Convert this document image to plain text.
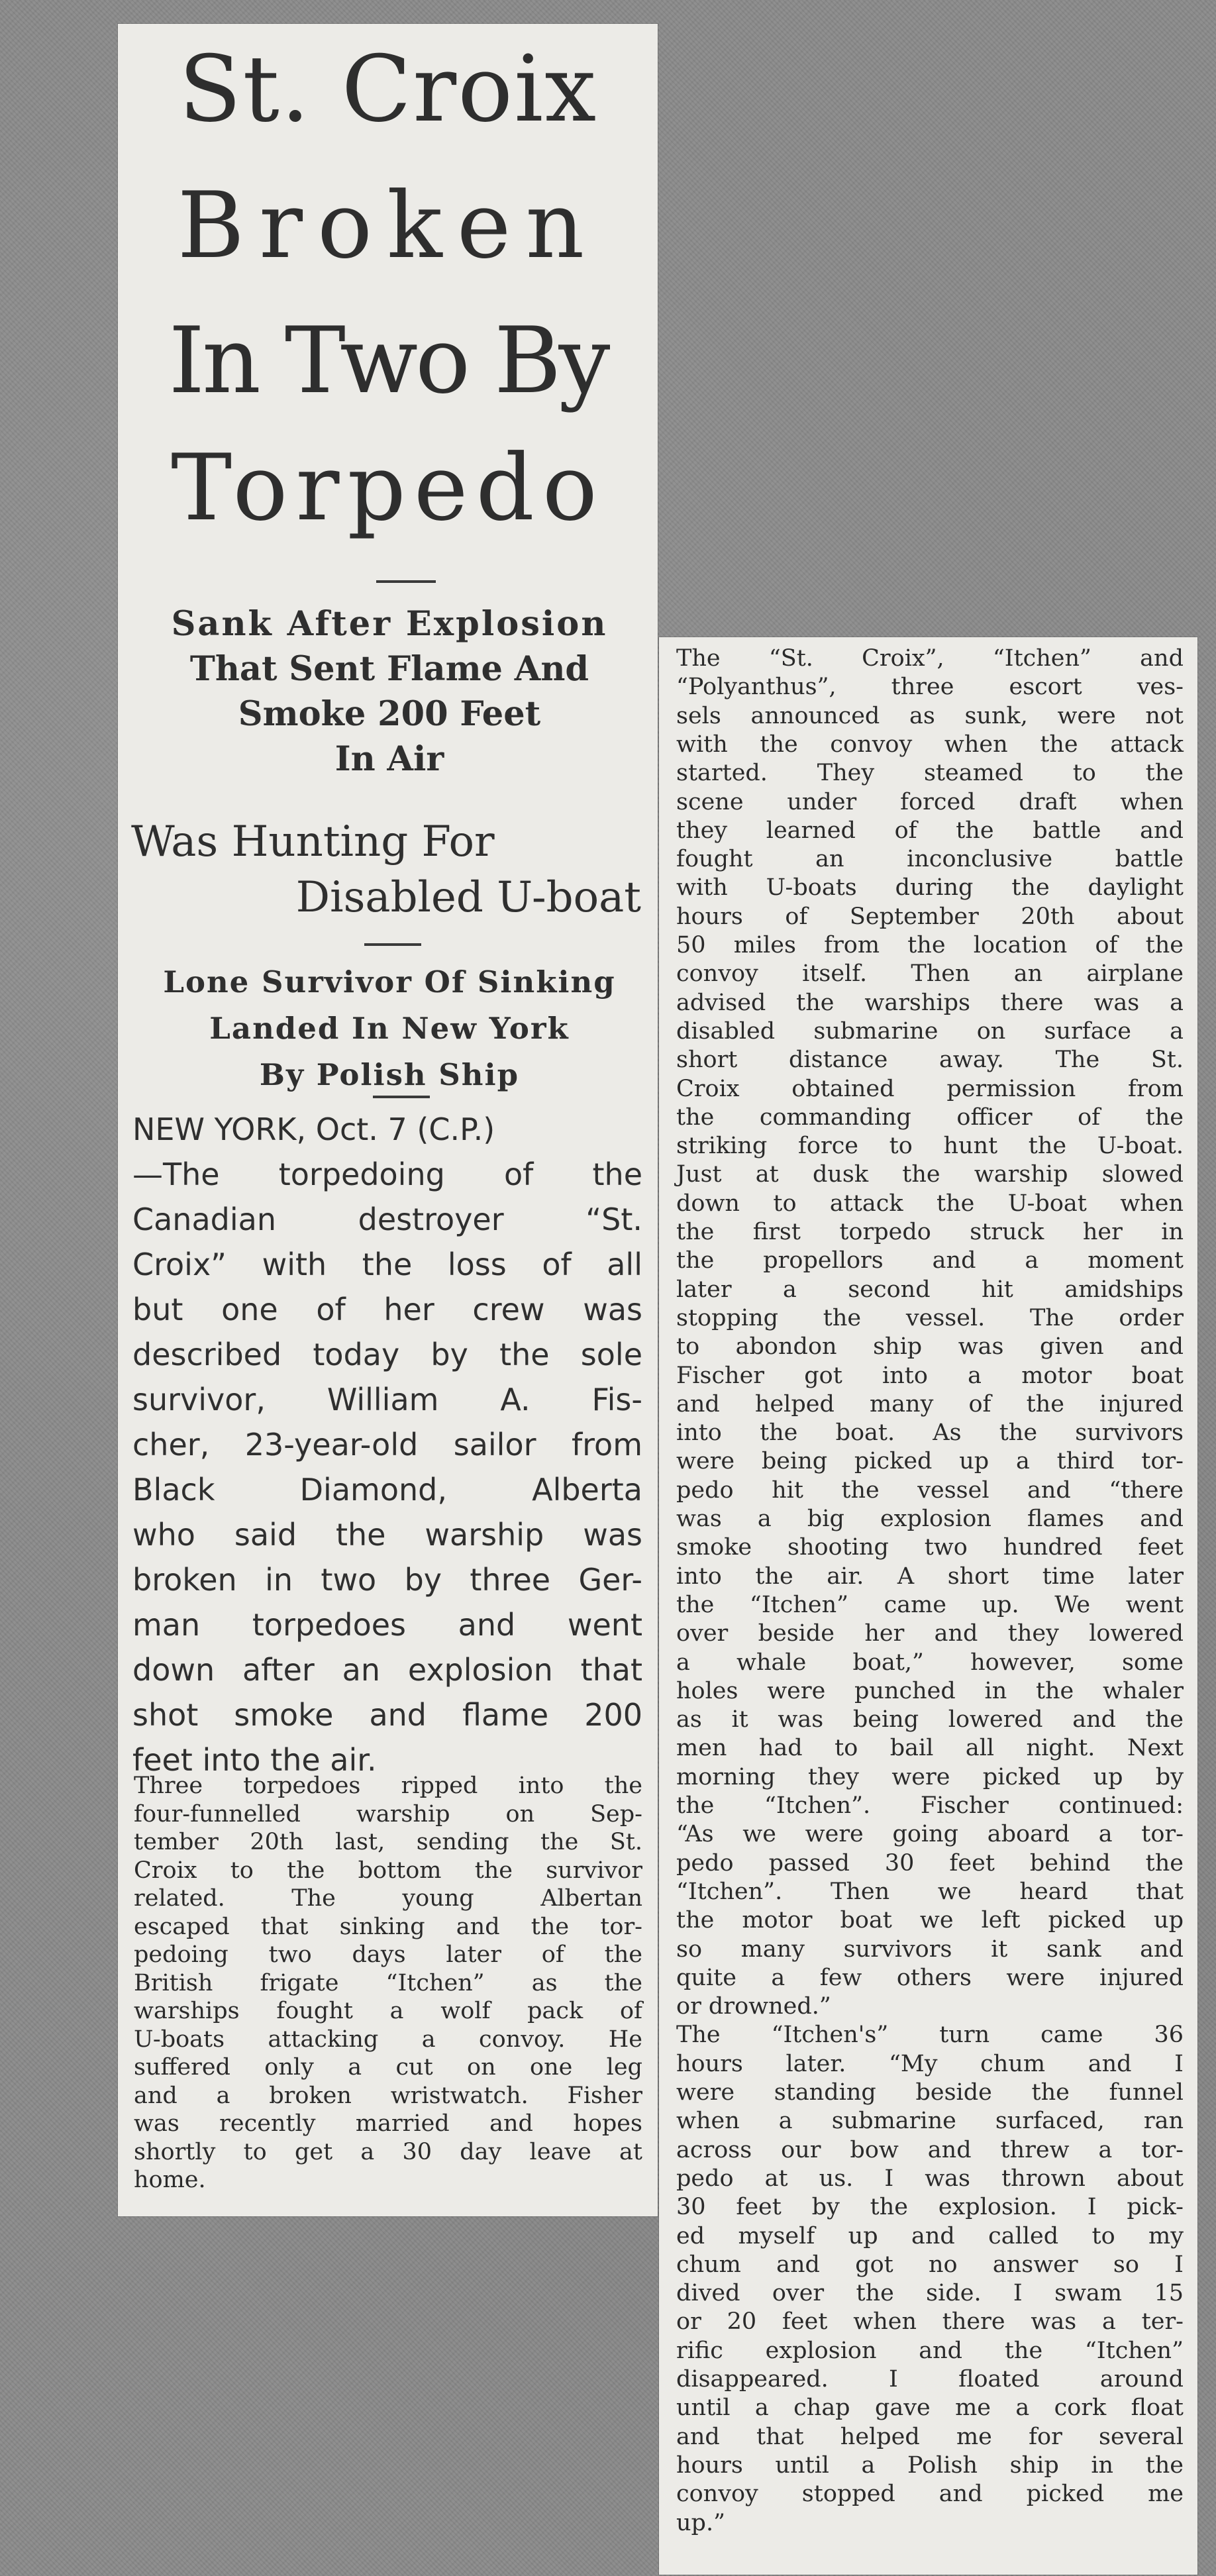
St. Croix
Broken
In Two By
Torpedo
Sank After Explosion
That Sent Flame And
Smoke 200 Feet
In Air
Was Hunting For
Disabled U-boat
Lone Survivor Of Sinking
Landed In New York
By Polish Ship
NEW YORK, Oct. 7 (C.P.)
—The torpedoing of the
Canadian destroyer “St.
Croix” with the loss of all
but one of her crew was
described today by the sole
survivor, William A. Fis-
cher, 23-year-old sailor from
Black Diamond, Alberta
who said the warship was
broken in two by three Ger-
man torpedoes and went
down after an explosion that
shot smoke and flame 200
feet into the air.
Three torpedoes ripped into the
four-funnelled warship on Sep-
tember 20th last, sending the St.
Croix to the bottom the survivor
related. The young Albertan
escaped that sinking and the tor-
pedoing two days later of the
British frigate “Itchen” as the
warships fought a wolf pack of
U-boats attacking a convoy. He
suffered only a cut on one leg
and a broken wristwatch. Fisher
was recently married and hopes
shortly to get a 30 day leave at
home.
The “St. Croix”, “Itchen” and
“Polyanthus”, three escort ves-
sels announced as sunk, were not
with the convoy when the attack
started. They steamed to the
scene under forced draft when
they learned of the battle and
fought an inconclusive battle
with U-boats during the daylight
hours of September 20th about
50 miles from the location of the
convoy itself. Then an airplane
advised the warships there was a
disabled submarine on surface a
short distance away. The St.
Croix obtained permission from
the commanding officer of the
striking force to hunt the U-boat.
Just at dusk the warship slowed
down to attack the U-boat when
the first torpedo struck her in
the propellors and a moment
later a second hit amidships
stopping the vessel. The order
to abondon ship was given and
Fischer got into a motor boat
and helped many of the injured
into the boat. As the survivors
were being picked up a third tor-
pedo hit the vessel and “there
was a big explosion flames and
smoke shooting two hundred feet
into the air. A short time later
the “Itchen” came up. We went
over beside her and they lowered
a whale boat,” however, some
holes were punched in the whaler
as it was being lowered and the
men had to bail all night. Next
morning they were picked up by
the “Itchen”. Fischer continued:
“As we were going aboard a tor-
pedo passed 30 feet behind the
“Itchen”. Then we heard that
the motor boat we left picked up
so many survivors it sank and
quite a few others were injured
or drowned.”
The “Itchen's” turn came 36
hours later. “My chum and I
were standing beside the funnel
when a submarine surfaced, ran
across our bow and threw a tor-
pedo at us. I was thrown about
30 feet by the explosion. I pick-
ed myself up and called to my
chum and got no answer so I
dived over the side. I swam 15
or 20 feet when there was a ter-
rific explosion and the “Itchen”
disappeared. I floated around
until a chap gave me a cork float
and that helped me for several
hours until a Polish ship in the
convoy stopped and picked me
up.”
